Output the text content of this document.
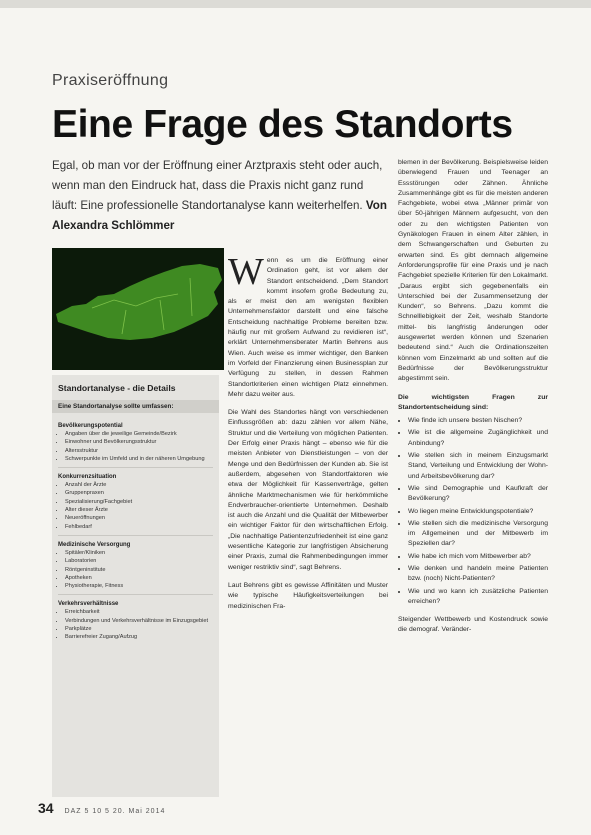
Praxiseröffnung
Eine Frage des Standorts
Egal, ob man vor der Eröffnung einer Arztpraxis steht oder auch, wenn man den Eindruck hat, dass die Praxis nicht ganz rund läuft: Eine professionelle Standortanalyse kann weiterhelfen. Von Alexandra Schlömmer
Standortanalyse - die Details
Eine Standortanalyse sollte umfassen:
Bevölkerungspotential
• Angaben über die jeweilige Gemeinde/Bezirk
• Einwohner und Bevölkerungsstruktur
• Altersstruktur
• Schwerpunkte im Umfeld und in der näheren Umgebung
Konkurrenzsituation
• Anzahl der Ärzte
• Gruppenpraxen
• Spezialisierung/Fachgebiet
• Alter dieser Ärzte
• Neueröffnungen
• Fehlbedarf
Medizinische Versorgung
• Spitäler/Kliniken
• Laboratorien
• Röntgeninstitute
• Apotheken
• Physiotherapie, Fitness
Verkehrsverhältnisse
• Erreichbarkeit
• Verbindungen und Verkehrsverhältnisse im Einzugsgebiet
• Parkplätze
• Barrierefreier Zugang/Aufzug

Wenn es um die Eröffnung einer Ordination geht, ist vor allem der Standort entscheidend. „Dem Standort kommt insofern große Bedeutung zu, als er meist den am wenigsten flexiblen Unternehmensfaktor darstellt und eine falsche Entscheidung nachhaltige Probleme bereiten bzw. häufig nur mit großem Aufwand zu revidieren ist“, erklärt Unternehmensberater Martin Behrens aus Wien. Auch weise es immer wichtiger, den Banken im Vorfeld der Finanzierung einen Businessplan zur Verfügung zu stellen, in dessen Rahmen Standortkriterien einen wichtigen Platz einnehmen. Mehr dazu weiter aus.

Die Wahl des Standortes hängt von verschiedenen Einflussgrößen ab: dazu zählen vor allem Nähe, Struktur und die Verteilung von möglichen Patienten. Der Erfolg einer Praxis hängt – ebenso wie für die meisten Anbieter von Dienstleistungen – von der Menge und den Bedürfnissen der Kunden ab. Sie ist außerdem, abgesehen von Standortfaktoren wie etwa der Möglichkeit für Kassenverträge, gelten ähnliche Marktmechanismen wie für herkömmliche Endverbraucher-orientierte Unternehmen. Deshalb ist auch die Anzahl und die Qualität der Mitbewerber ein wichtiger Faktor für den wirtschaftlichen Erfolg. „Die nachhaltige Patientenzufriedenheit ist eine ganz wesentliche Kategorie zur langfristigen Absicherung einer Praxis, zumal die Rahmenbedingungen immer weniger restriktiv sind“, sagt Behrens.

Laut Behrens gibt es gewisse Affinitäten und Muster wie typische Häufigkeitsverteilungen bei medizinischen Fra-

blemen in der Bevölkerung. Beispielsweise leiden überwiegend Frauen und Teenager an Essstörungen oder Zähnen. Ähnliche Zusammenhänge gibt es für die meisten anderen Fachgebiete, wobei etwa „Männer primär von über 50-jährigen Männern aufgesucht, von den oder zu den wichtigsten Patienten von Gynäkologen Frauen in einem Alter zählen, in dem Schwangerschaften und Geburten zu erwarten sind. Es gibt demnach allgemeine Anforderungsprofile für eine Praxis und je nach Fachgebiet spezielle Kriterien für den Lokalmarkt. „Daraus ergibt sich gegebenenfalls ein Unterschied bei der Zusammensetzung der Kunden“, so Behrens. „Dazu kommt die Schnelllebigkeit der Zeit, weshalb Standorte mittel- bis langfristig änderungen oder ausgewertet werden können und Szenarien bedeutend sind.“ Auch die Ordinationszeiten können vom Einzelmarkt ab und sollten auf die Bedürfnisse der Bevölkerungsstruktur abgestimmt sein.

Die wichtigsten Fragen zur Standortentscheidung sind:
• Wie finde ich unsere besten Nischen?
• Wie ist die allgemeine Zugänglichkeit und Anbindung?
• Wie stellen sich in meinem Einzugsmarkt Stand, Verteilung und Entwicklung der Wohn- und Arbeitsbevölkerung dar?
• Wie sind Demographie und Kaufkraft der Bevölkerung?
• Wo liegen meine Entwicklungspotentiale?
• Wie stellen sich die medizinische Versorgung im Allgemeinen und der Mitbewerb im Speziellen dar?
• Wie habe ich mich vom Mitbewerber ab?
• Wie denken und handeln meine Patienten bzw. (noch) Nicht-Patienten?
• Wie und wo kann ich zusätzliche Patienten erreichen?

Steigender Wettbewerb und Kostendruck sowie die demograf. Veränder-

34 DAZ 5 10 5 20. Mai 2014
